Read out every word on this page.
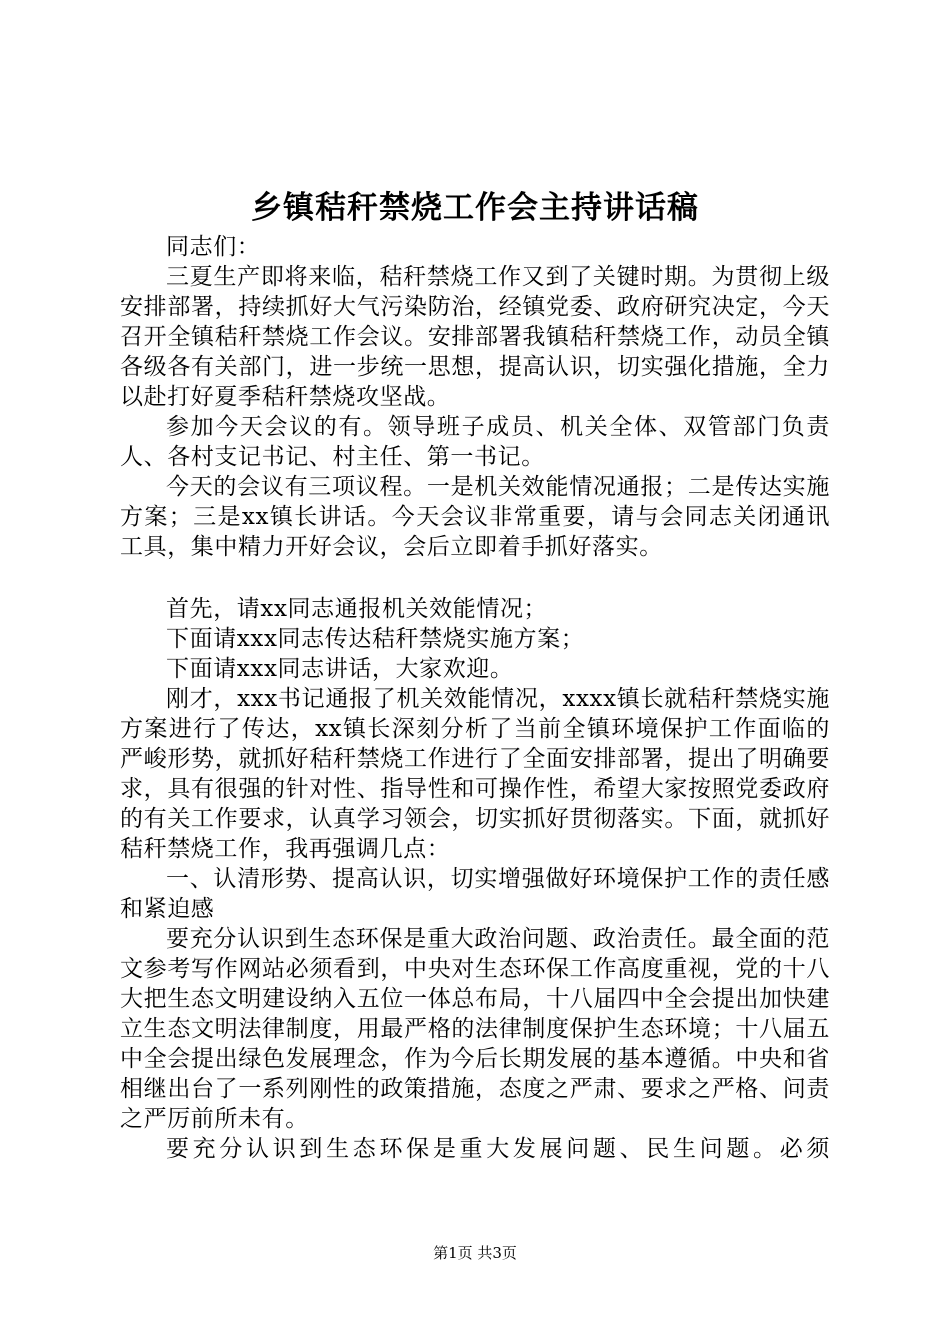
乡镇秸秆禁烧工作会主持讲话稿

同志们：

三夏生产即将来临，秸秆禁烧工作又到了关键时期。为贯彻上级安排部署，持续抓好大气污染防治，经镇党委、政府研究决定，今天召开全镇秸秆禁烧工作会议。安排部署我镇秸秆禁烧工作，动员全镇各级各有关部门，进一步统一思想，提高认识，切实强化措施，全力以赴打好夏季秸秆禁烧攻坚战。

参加今天会议的有。领导班子成员、机关全体、双管部门负责人、各村支记书记、村主任、第一书记。

今天的会议有三项议程。一是机关效能情况通报；二是传达实施方案；三是xx镇长讲话。今天会议非常重要，请与会同志关闭通讯工具，集中精力开好会议，会后立即着手抓好落实。

首先，请xx同志通报机关效能情况；

下面请xxx同志传达秸秆禁烧实施方案；

下面请xxx同志讲话，大家欢迎。

刚才，xxx书记通报了机关效能情况，xxxx镇长就秸秆禁烧实施方案进行了传达，xx镇长深刻分析了当前全镇环境保护工作面临的严峻形势，就抓好秸秆禁烧工作进行了全面安排部署，提出了明确要求，具有很强的针对性、指导性和可操作性，希望大家按照党委政府的有关工作要求，认真学习领会，切实抓好贯彻落实。下面，就抓好秸秆禁烧工作，我再强调几点：

一、认清形势、提高认识，切实增强做好环境保护工作的责任感和紧迫感

要充分认识到生态环保是重大政治问题、政治责任。最全面的范文参考写作网站必须看到，中央对生态环保工作高度重视，党的十八大把生态文明建设纳入五位一体总布局，十八届四中全会提出加快建立生态文明法律制度，用最严格的法律制度保护生态环境；十八届五中全会提出绿色发展理念，作为今后长期发展的基本遵循。中央和省相继出台了一系列刚性的政策措施，态度之严肃、要求之严格、问责之严厉前所未有。

要充分认识到生态环保是重大发展问题、民生问题。必须

第1页 共3页
